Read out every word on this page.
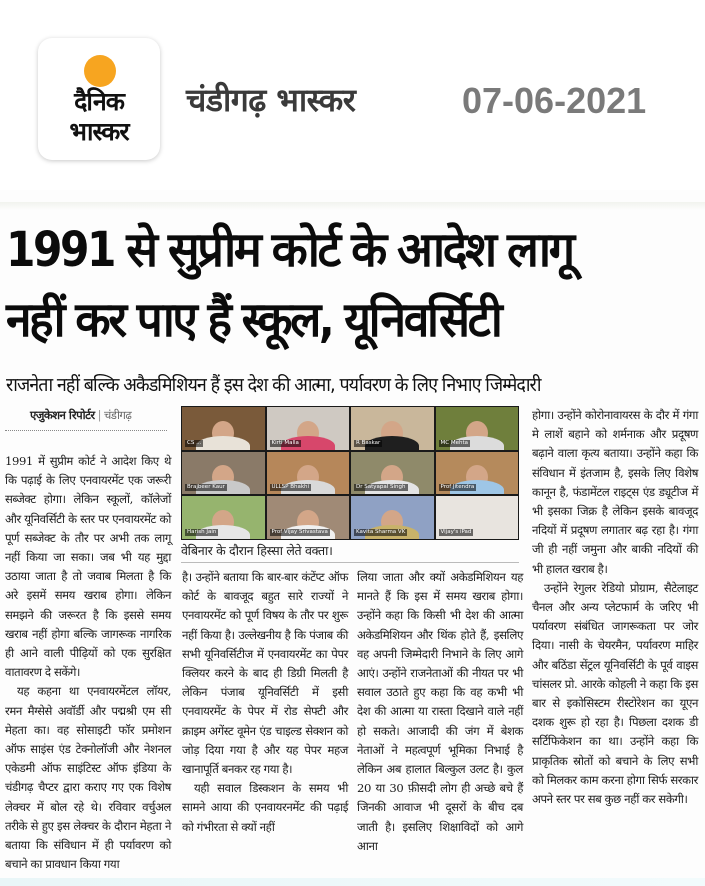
दैनिक
भास्कर
चंडीगढ़ भास्कर	07-06-2021
1991 से सुप्रीम कोर्ट के आदेश लागू
नहीं कर पाए हैं स्कूल, यूनिवर्सिटी
राजनेता नहीं बल्कि अकैडमिशियन हैं इस देश की आत्मा, पर्यावरण के लिए निभाए जिम्मेदारी
एजुकेशन रिपोर्टर | चंडीगढ़

1991 में सुप्रीम कोर्ट ने आदेश किए थे कि पढ़ाई के लिए एनवायरमेंट एक जरूरी सब्जेक्ट होगा। लेकिन स्कूलों, कॉलेजों और यूनिवर्सिटी के स्तर पर एनवायरमेंट को पूर्ण सब्जेक्ट के तौर पर अभी तक लागू नहीं किया जा सका। जब भी यह मुद्दा उठाया जाता है तो जवाब मिलता है कि अरे इसमें समय खराब होगा। लेकिन समझने की जरूरत है कि इससे समय खराब नहीं होगा बल्कि जागरूक नागरिक ही आने वाली पीढ़ियों को एक सुरक्षित वातावरण दे सकेंगे।

यह कहना था एनवायरमेंटल लॉयर, रमन मैग्सेसे अवॉर्डी और पद्मश्री एम सी मेहता का। वह सोसाइटी फॉर प्रमोशन ऑफ साइंस एंड टेक्नोलॉजी और नेशनल एकेडमी ऑफ साइंटिस्ट ऑफ इंडिया के चंडीगढ़ चैप्टर द्वारा कराए गए एक विशेष लेक्चर में बोल रहे थे। रविवार वर्चुअल तरीके से हुए इस लेक्चर के दौरान मेहता ने बताया कि संविधान में ही पर्यावरण को बचाने का प्रावधान किया गया

CS ...	Kirti Malla	R Baskar	MC Mehta
Brajbeer Kaur	ULLSP Bhakhi	Dr Satyapal Singh	Prof Jitendra
Harish Jain	Prof Vijay Srivastava	Kavita Sharma VK	Vijay's iPad
वेबिनार के दौरान हिस्सा लेते वक्ता।

है। उन्होंने बताया कि बार-बार कंटेंप्ट ऑफ कोर्ट के बावजूद बहुत सारे राज्यों ने एनवायरमेंट को पूर्ण विषय के तौर पर शुरू नहीं किया है। उल्लेखनीय है कि पंजाब की सभी यूनिवर्सिटीज में एनवायरमेंट का पेपर क्लियर करने के बाद ही डिग्री मिलती है लेकिन पंजाब यूनिवर्सिटी में इसी एनवायरमेंट के पेपर में रोड सेफ्टी और क्राइम अगेंस्ट वूमेन एंड चाइल्ड सेक्शन को जोड़ दिया गया है और यह पेपर महज खानापूर्ति बनकर रह गया है।

यही सवाल डिस्कशन के समय भी सामने आया की एनवायरनमेंट की पढ़ाई को गंभीरता से क्यों नहीं

लिया जाता और क्यों अकेडमिशियन यह मानते हैं कि इस में समय खराब होगा। उन्होंने कहा कि किसी भी देश की आत्मा अकेडमिशियन और थिंक होते हैं, इसलिए वह अपनी जिम्मेदारी निभाने के लिए आगे आएं। उन्होंने राजनेताओं की नीयत पर भी सवाल उठाते हुए कहा कि वह कभी भी देश की आत्मा या रास्ता दिखाने वाले नहीं हो सकते। आजादी की जंग में बेशक नेताओं ने महत्वपूर्ण भूमिका निभाई है लेकिन अब हालात बिल्कुल उलट है। कुल 20 या 30 फ़ीसदी लोग ही अच्छे बचे हैं जिनकी आवाज भी दूसरों के बीच दब जाती है। इसलिए शिक्षाविदों को आगे आना

होगा। उन्होंने कोरोनावायरस के दौर में गंगा मे लाशें बहाने को शर्मनाक और प्रदूषण बढ़ाने वाला कृत्य बताया। उन्होंने कहा कि संविधान में इंतजाम है, इसके लिए विशेष कानून है, फंडामेंटल राइट्स एंड ड्यूटीज में भी इसका जिक्र है लेकिन इसके बावजूद नदियों में प्रदूषण लगातार बढ़ रहा है। गंगा जी ही नहीं जमुना और बाकी नदियों की भी हालत खराब है।

उन्होंने रेगुलर रेडियो प्रोग्राम, सैटेलाइट चैनल और अन्य प्लेटफार्म के जरिए भी पर्यावरण संबंधित जागरूकता पर जोर दिया। नासी के चेयरमैन, पर्यावरण माहिर और बठिंडा सेंट्रल यूनिवर्सिटी के पूर्व वाइस चांसलर प्रो. आरके कोहली ने कहा कि इस बार से इकोसिस्टम रीस्टोरेशन का यूएन दशक शुरू हो रहा है। पिछला दशक डी सर्टिफिकेशन का था। उन्होंने कहा कि प्राकृतिक स्रोतों को बचाने के लिए सभी को मिलकर काम करना होगा सिर्फ सरकार अपने स्तर पर सब कुछ नहीं कर सकेगी।
